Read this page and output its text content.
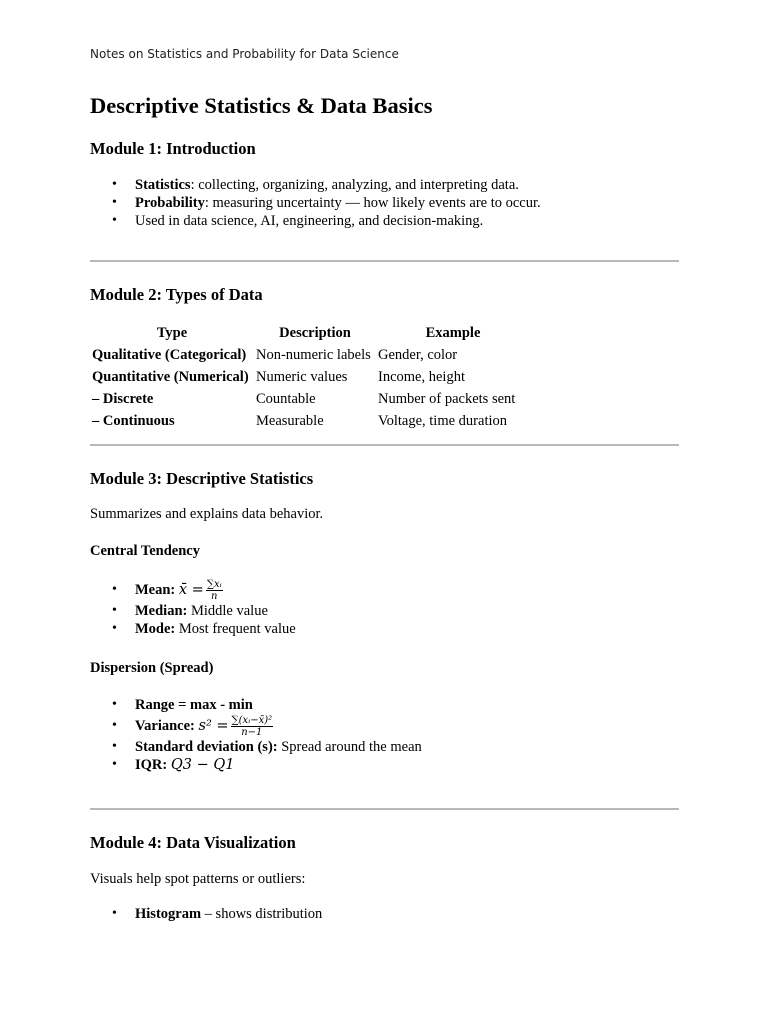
Notes on Statistics and Probability for Data Science
Descriptive Statistics & Data Basics
Module 1: Introduction
• Statistics: collecting, organizing, analyzing, and interpreting data.
• Probability: measuring uncertainty — how likely events are to occur.
• Used in data science, AI, engineering, and decision-making.
Module 2: Types of Data
Type	Description	Example
Qualitative (Categorical)	Non-numeric labels	Gender, color
Quantitative (Numerical)	Numeric values	Income, height
– Discrete	Countable	Number of packets sent
– Continuous	Measurable	Voltage, time duration
Module 3: Descriptive Statistics

Summarizes and explains data behavior.

Central Tendency
• Mean: x̄ = $\frac{\text{∑xᵢ}}{n}$
• Median: Middle value
• Mode: Most frequent value
Dispersion (Spread)
• Range = max - min
• Variance: $s^2 = \frac{\text{∑(xᵢ−x̄)²}}{n-1}$
• Standard deviation (s): Spread around the mean
• IQR: Q3 − Q1
Module 4: Data Visualization

Visuals help spot patterns or outliers:

• Histogram – shows distribution
